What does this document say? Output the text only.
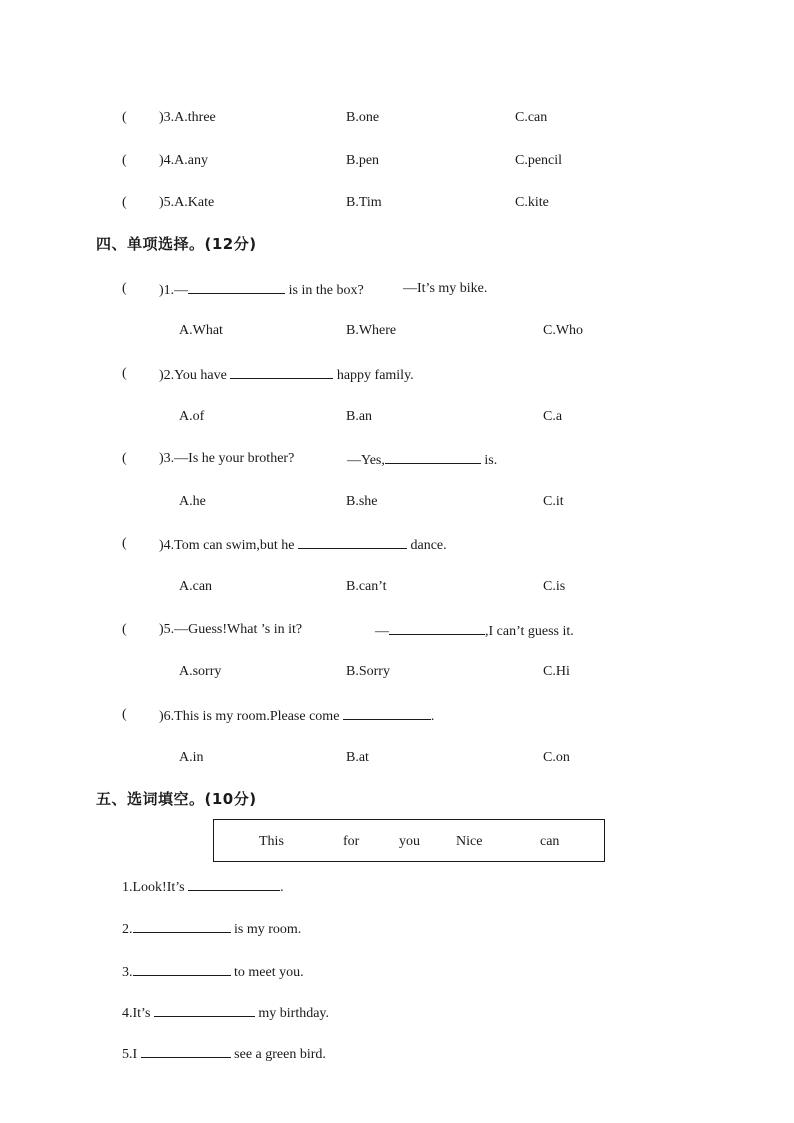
( )3.A.three	B.one	C.can
( )4.A.any	B.pen	C.pencil
( )5.A.Kate	B.Tim	C.kite
四、单项选择。(12分)
( )1.—	is in the box?	—It’s my bike.
A.What	B.Where	C.Who
( )2.You have	happy family.
A.of	B.an	C.a
( )3.—Is he your brother?	—Yes,	is.
A.he	B.she	C.it
( )4.Tom can swim,but he	dance.
A.can	B.can’t	C.is
( )5.—Guess!What ’s in it?	—	,I can’t guess it.
A.sorry	B.Sorry	C.Hi
( )6.This is my room.Please come	.
A.in	B.at	C.on
五、选词填空。(10分)
This	for	you	Nice	can
1.Look!It’s	.
2.	is my room.
3.	to meet you.
4.It’s	my birthday.
5.I	see a green bird.
